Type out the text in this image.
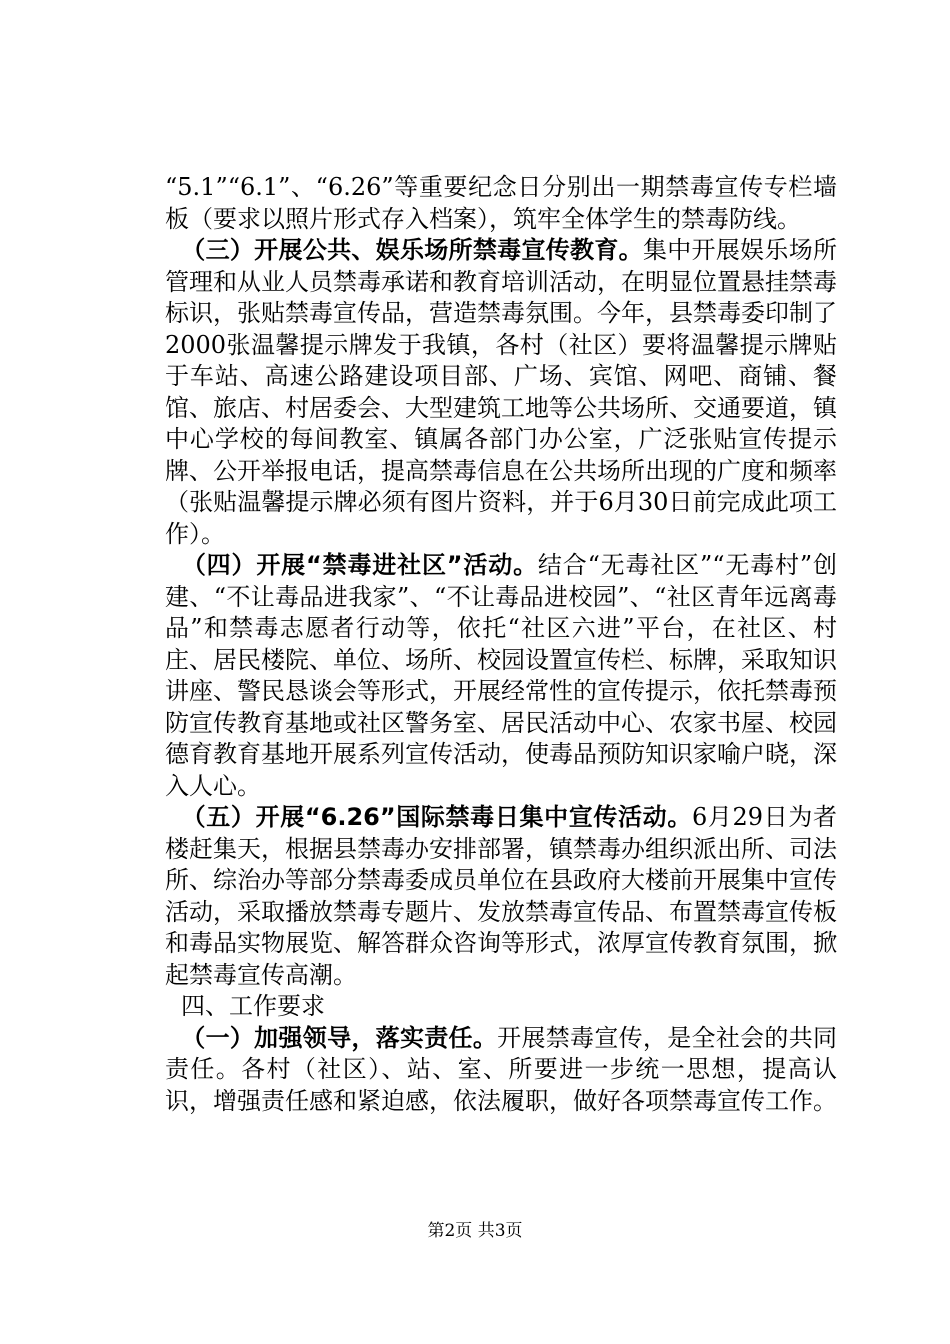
“5.1”“6.1”、“6.26”等重要纪念日分别出一期禁毒宣传专栏墙板（要求以照片形式存入档案），筑牢全体学生的禁毒防线。

（三）开展公共、娱乐场所禁毒宣传教育。集中开展娱乐场所管理和从业人员禁毒承诺和教育培训活动，在明显位置悬挂禁毒标识，张贴禁毒宣传品，营造禁毒氛围。今年，县禁毒委印制了2000张温馨提示牌发于我镇，各村（社区）要将温馨提示牌贴于车站、高速公路建设项目部、广场、宾馆、网吧、商铺、餐馆、旅店、村居委会、大型建筑工地等公共场所、交通要道，镇中心学校的每间教室、镇属各部门办公室，广泛张贴宣传提示牌、公开举报电话，提高禁毒信息在公共场所出现的广度和频率（张贴温馨提示牌必须有图片资料，并于6月30日前完成此项工作）。

（四）开展“禁毒进社区”活动。结合“无毒社区”“无毒村”创建、“不让毒品进我家”、“不让毒品进校园”、“社区青年远离毒品”和禁毒志愿者行动等，依托“社区六进”平台，在社区、村庄、居民楼院、单位、场所、校园设置宣传栏、标牌，采取知识讲座、警民恳谈会等形式，开展经常性的宣传提示，依托禁毒预防宣传教育基地或社区警务室、居民活动中心、农家书屋、校园德育教育基地开展系列宣传活动，使毒品预防知识家喻户晓，深入人心。

（五）开展“6.26”国际禁毒日集中宣传活动。6月29日为者楼赶集天，根据县禁毒办安排部署，镇禁毒办组织派出所、司法所、综治办等部分禁毒委成员单位在县政府大楼前开展集中宣传活动，采取播放禁毒专题片、发放禁毒宣传品、布置禁毒宣传板和毒品实物展览、解答群众咨询等形式，浓厚宣传教育氛围，掀起禁毒宣传高潮。

四、工作要求

（一）加强领导，落实责任。开展禁毒宣传，是全社会的共同责任。各村（社区）、站、室、所要进一步统一思想，提高认识，增强责任感和紧迫感，依法履职，做好各项禁毒宣传工作。

第2页 共3页
